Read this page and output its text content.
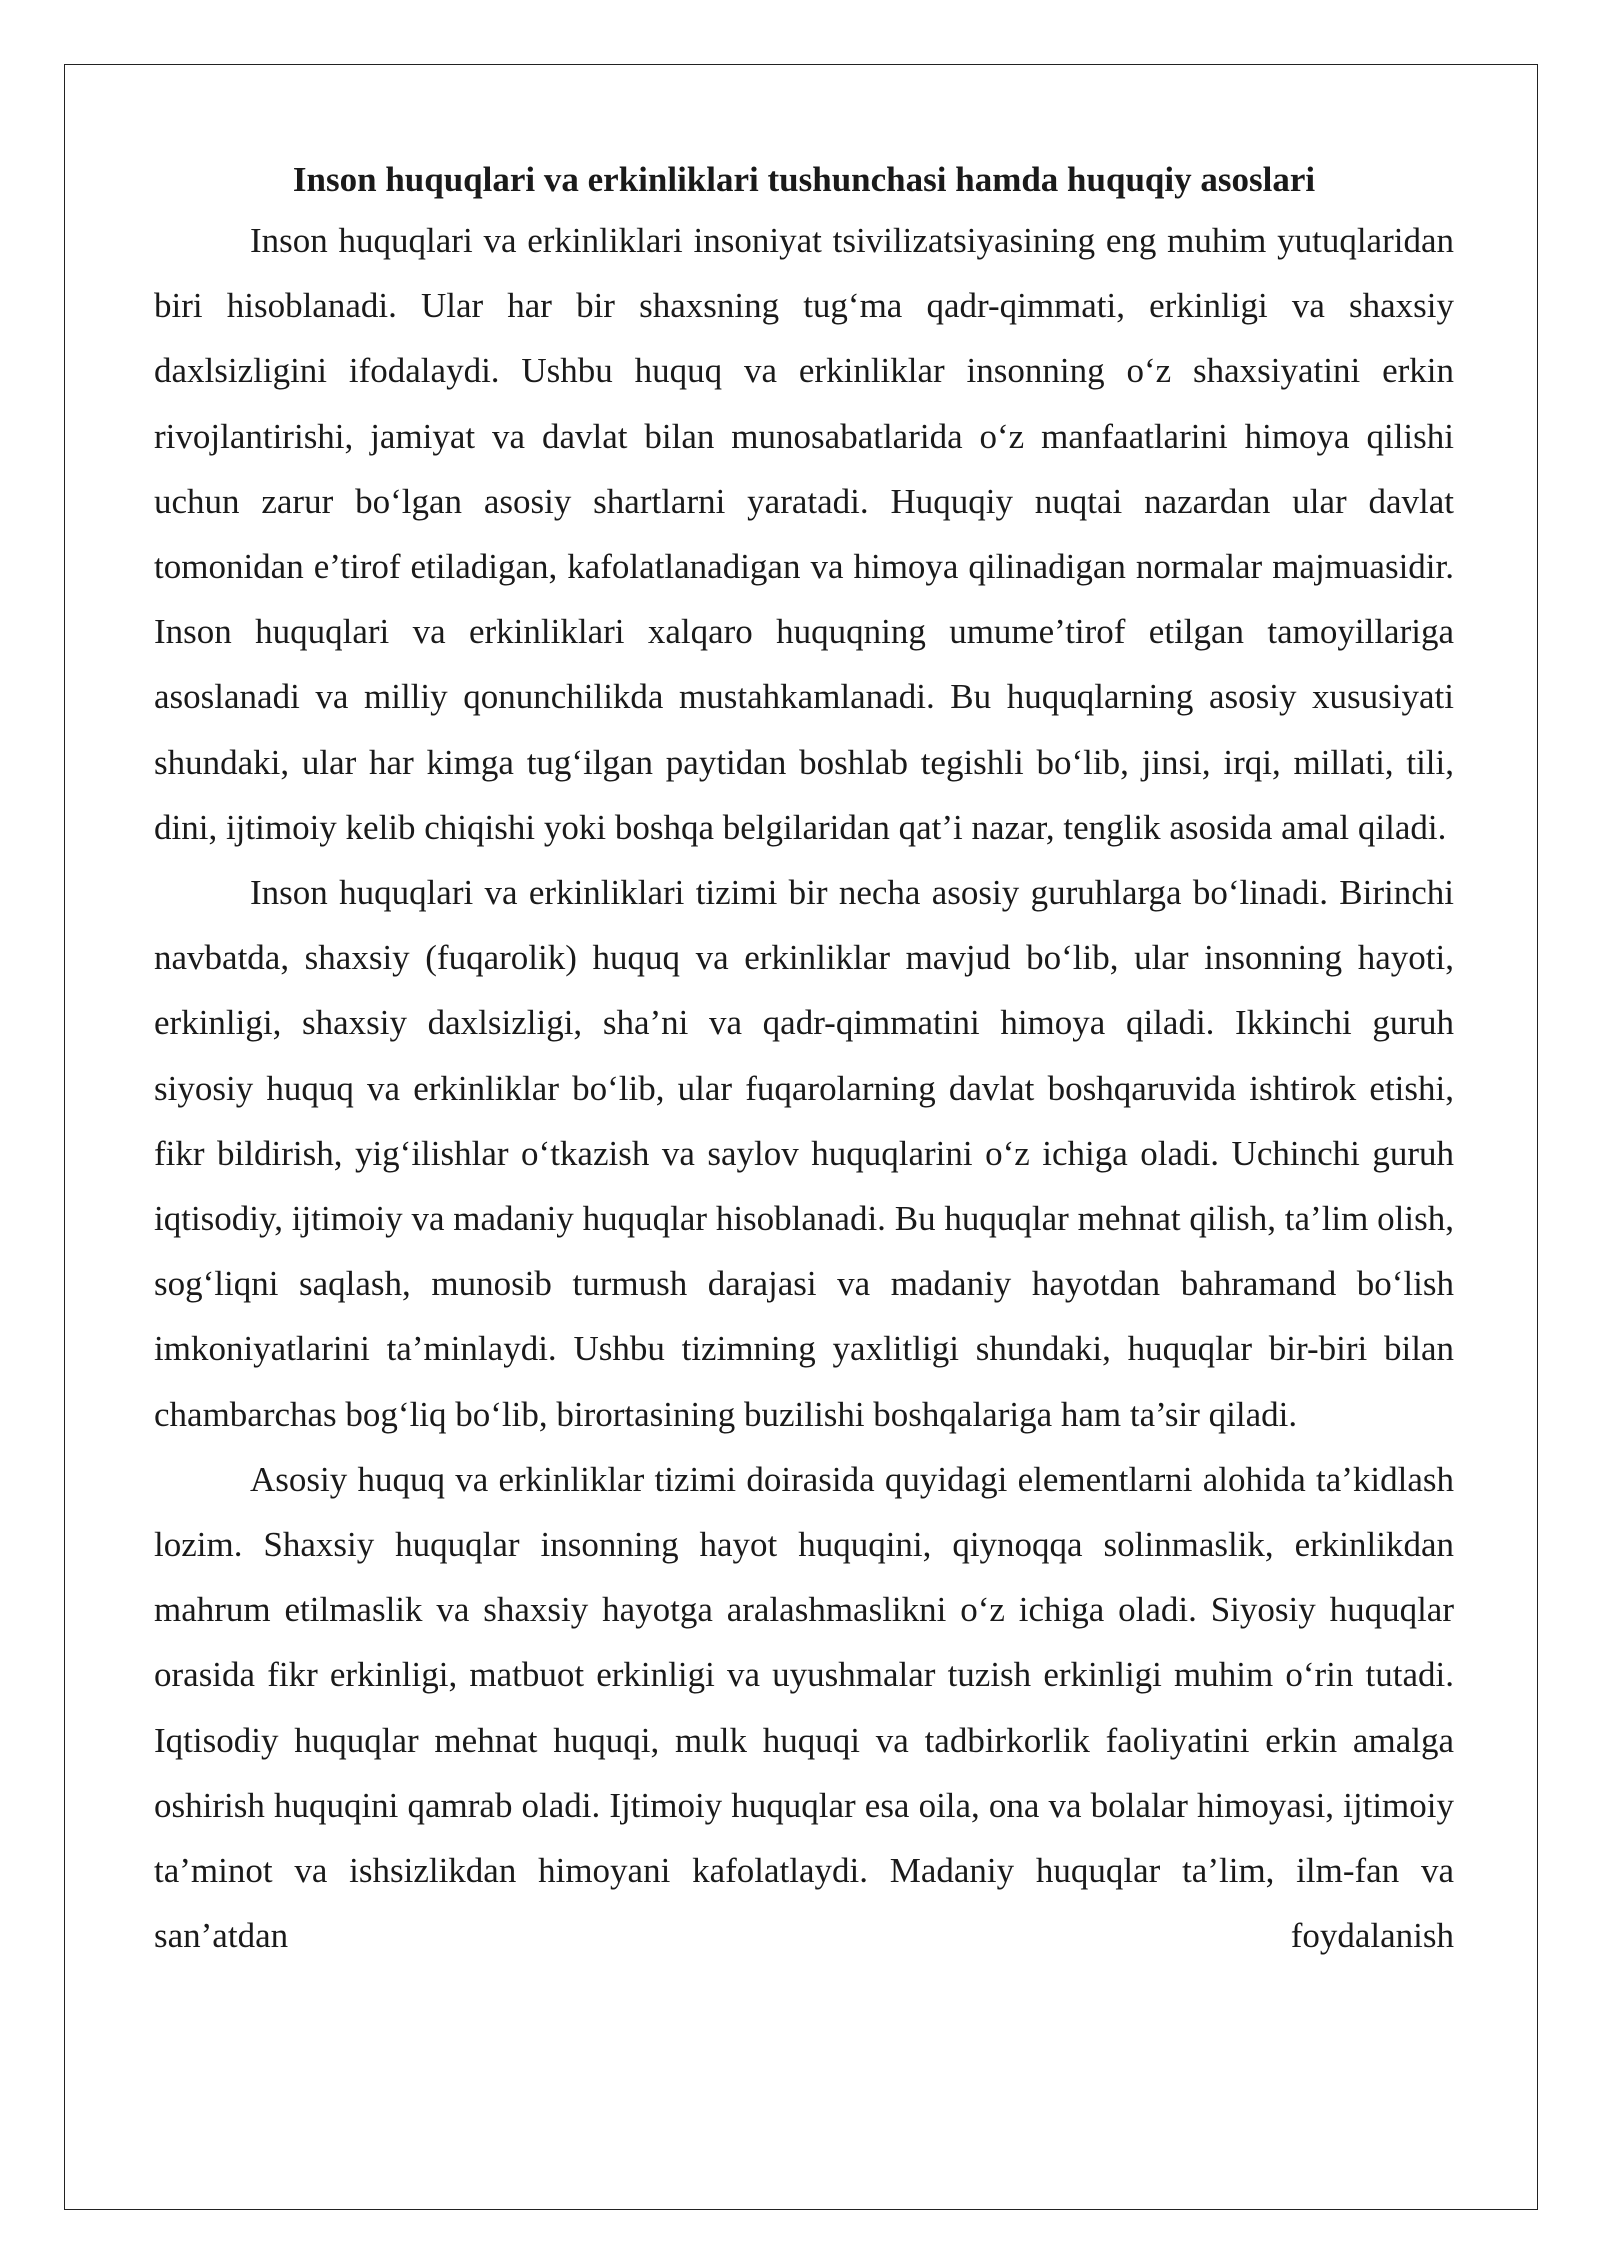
Inson huquqlari va erkinliklari tushunchasi hamda huquqiy asoslari

Inson huquqlari va erkinliklari insoniyat tsivilizatsiyasining eng muhim yutuqlaridan biri hisoblanadi. Ular har bir shaxsning tug‘ma qadr-qimmati, erkinligi va shaxsiy daxlsizligini ifodalaydi. Ushbu huquq va erkinliklar insonning o‘z shaxsiyatini erkin rivojlantirishi, jamiyat va davlat bilan munosabatlarida o‘z manfaatlarini himoya qilishi uchun zarur bo‘lgan asosiy shartlarni yaratadi. Huquqiy nuqtai nazardan ular davlat tomonidan e’tirof etiladigan, kafolatlanadigan va himoya qilinadigan normalar majmuasidir. Inson huquqlari va erkinliklari xalqaro huquqning umume’tirof etilgan tamoyillariga asoslanadi va milliy qonunchilikda mustahkamlanadi. Bu huquqlarning asosiy xususiyati shundaki, ular har kimga tug‘ilgan paytidan boshlab tegishli bo‘lib, jinsi, irqi, millati, tili, dini, ijtimoiy kelib chiqishi yoki boshqa belgilaridan qat’i nazar, tenglik asosida amal qiladi.

Inson huquqlari va erkinliklari tizimi bir necha asosiy guruhlarga bo‘linadi. Birinchi navbatda, shaxsiy (fuqarolik) huquq va erkinliklar mavjud bo‘lib, ular insonning hayoti, erkinligi, shaxsiy daxlsizligi, sha’ni va qadr-qimmatini himoya qiladi. Ikkinchi guruh siyosiy huquq va erkinliklar bo‘lib, ular fuqarolarning davlat boshqaruvida ishtirok etishi, fikr bildirish, yig‘ilishlar o‘tkazish va saylov huquqlarini o‘z ichiga oladi. Uchinchi guruh iqtisodiy, ijtimoiy va madaniy huquqlar hisoblanadi. Bu huquqlar mehnat qilish, ta’lim olish, sog‘liqni saqlash, munosib turmush darajasi va madaniy hayotdan bahramand bo‘lish imkoniyatlarini ta’minlaydi. Ushbu tizimning yaxlitligi shundaki, huquqlar bir-biri bilan chambarchas bog‘liq bo‘lib, birortasining buzilishi boshqalariga ham ta’sir qiladi.

Asosiy huquq va erkinliklar tizimi doirasida quyidagi elementlarni alohida ta’kidlash lozim. Shaxsiy huquqlar insonning hayot huquqini, qiynoqqa solinmaslik, erkinlikdan mahrum etilmaslik va shaxsiy hayotga aralashmaslikni o‘z ichiga oladi. Siyosiy huquqlar orasida fikr erkinligi, matbuot erkinligi va uyushmalar tuzish erkinligi muhim o‘rin tutadi. Iqtisodiy huquqlar mehnat huquqi, mulk huquqi va tadbirkorlik faoliyatini erkin amalga oshirish huquqini qamrab oladi. Ijtimoiy huquqlar esa oila, ona va bolalar himoyasi, ijtimoiy ta’minot va ishsizlikdan himoyani kafolatlaydi. Madaniy huquqlar ta’lim, ilm-fan va san’atdan foydalanish
